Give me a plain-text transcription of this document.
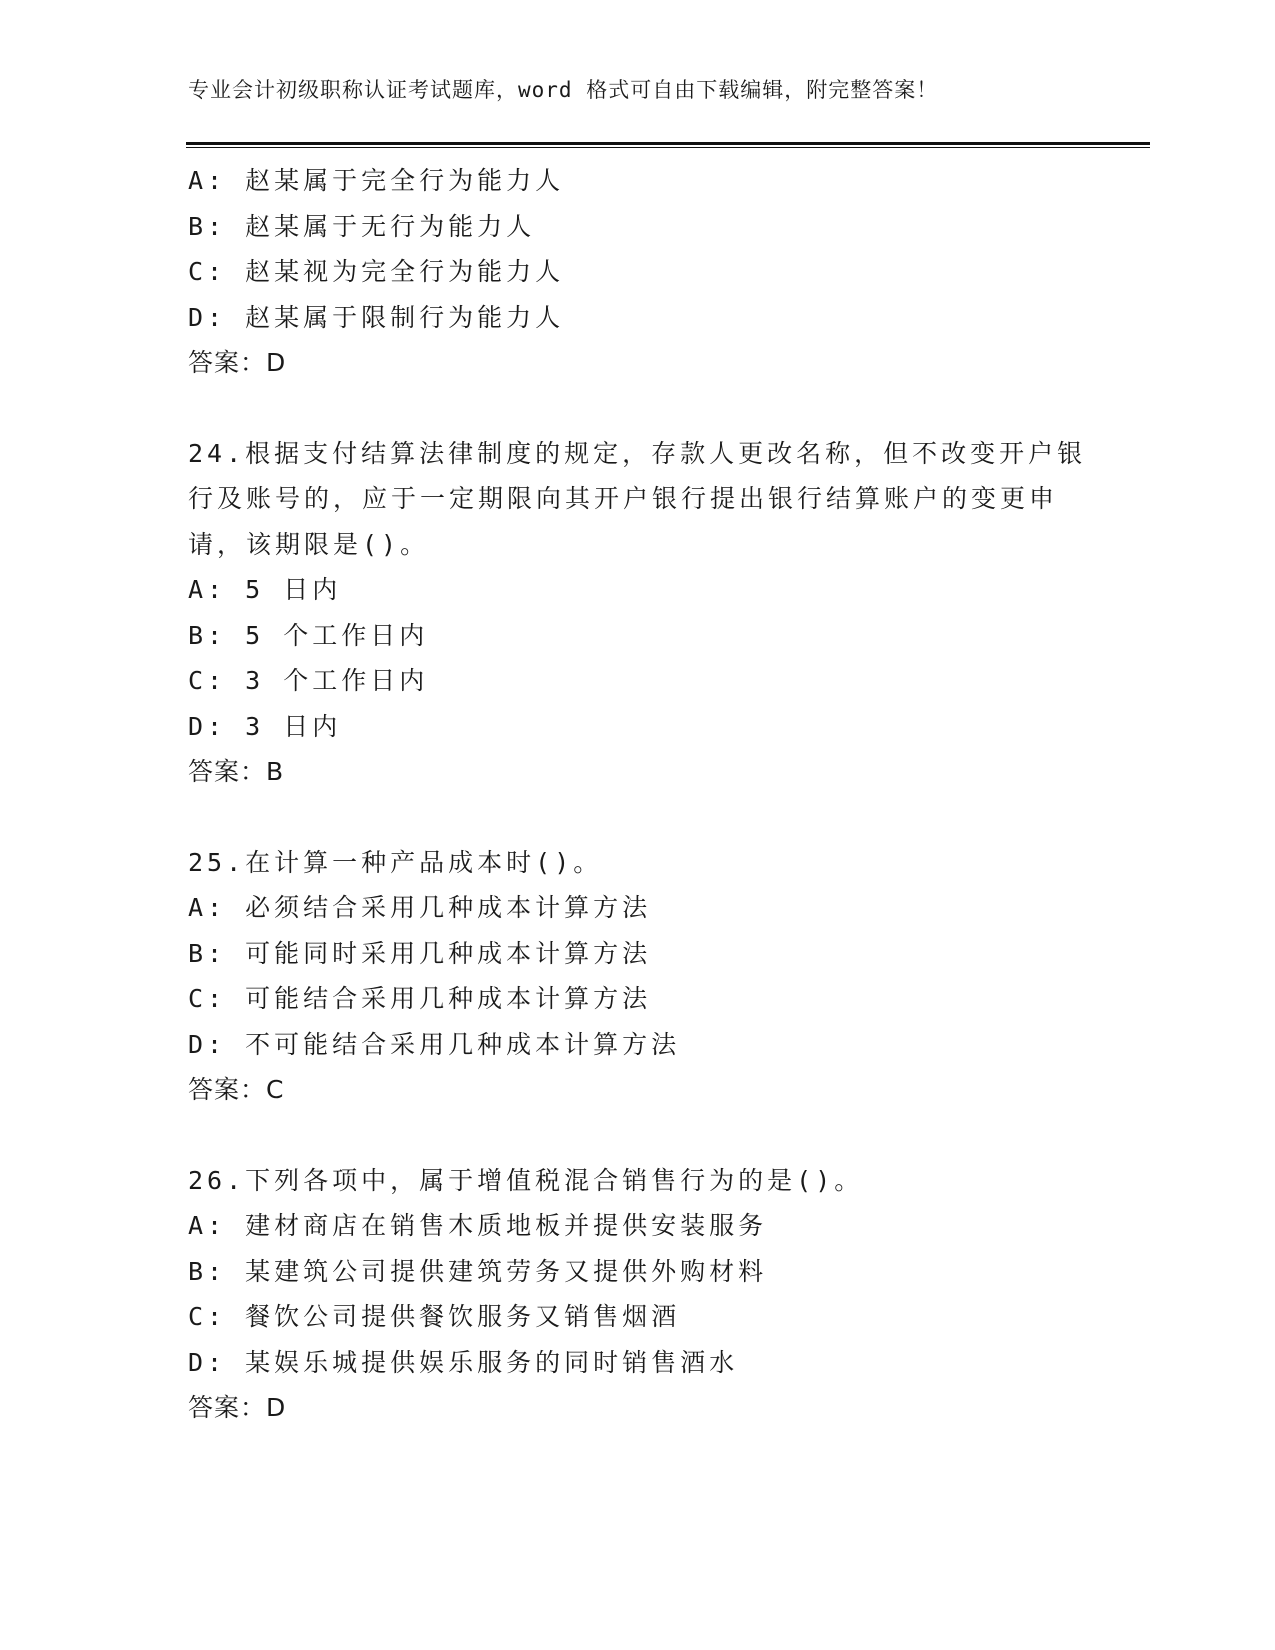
专业会计初级职称认证考试题库，word 格式可自由下载编辑，附完整答案！
A: 赵某属于完全行为能力人
B: 赵某属于无行为能力人
C: 赵某视为完全行为能力人
D: 赵某属于限制行为能力人
答案：D
24.根据支付结算法律制度的规定，存款人更改名称，但不改变开户银
行及账号的，应于一定期限向其开户银行提出银行结算账户的变更申
请，该期限是()。
A: 5 日内
B: 5 个工作日内
C: 3 个工作日内
D: 3 日内
答案：B
25.在计算一种产品成本时()。
A: 必须结合采用几种成本计算方法
B: 可能同时采用几种成本计算方法
C: 可能结合采用几种成本计算方法
D: 不可能结合采用几种成本计算方法
答案：C
26.下列各项中，属于增值税混合销售行为的是()。
A: 建材商店在销售木质地板并提供安装服务
B: 某建筑公司提供建筑劳务又提供外购材料
C: 餐饮公司提供餐饮服务又销售烟酒
D: 某娱乐城提供娱乐服务的同时销售酒水
答案：D
